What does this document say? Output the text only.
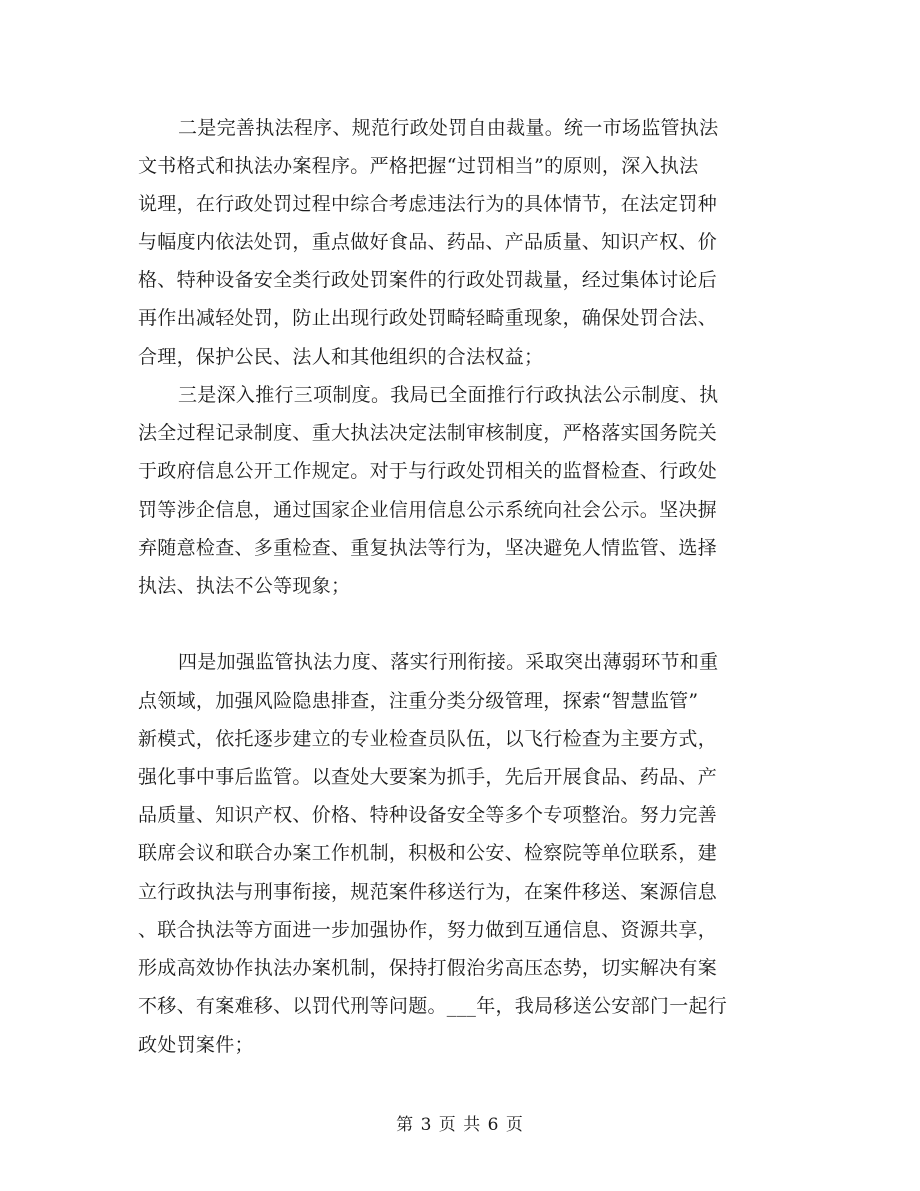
二是完善执法程序、规范行政处罚自由裁量。统一市场监管执法
文书格式和执法办案程序。严格把握“过罚相当”的原则，深入执法
说理，在行政处罚过程中综合考虑违法行为的具体情节，在法定罚种
与幅度内依法处罚，重点做好食品、药品、产品质量、知识产权、价
格、特种设备安全类行政处罚案件的行政处罚裁量，经过集体讨论后
再作出减轻处罚，防止出现行政处罚畸轻畸重现象，确保处罚合法、
合理，保护公民、法人和其他组织的合法权益；
三是深入推行三项制度。我局已全面推行行政执法公示制度、执
法全过程记录制度、重大执法决定法制审核制度，严格落实国务院关
于政府信息公开工作规定。对于与行政处罚相关的监督检查、行政处
罚等涉企信息，通过国家企业信用信息公示系统向社会公示。坚决摒
弃随意检查、多重检查、重复执法等行为，坚决避免人情监管、选择
执法、执法不公等现象；
四是加强监管执法力度、落实行刑衔接。采取突出薄弱环节和重
点领域，加强风险隐患排查，注重分类分级管理，探索“智慧监管”
新模式，依托逐步建立的专业检查员队伍，以飞行检查为主要方式，
强化事中事后监管。以查处大要案为抓手，先后开展食品、药品、产
品质量、知识产权、价格、特种设备安全等多个专项整治。努力完善
联席会议和联合办案工作机制，积极和公安、检察院等单位联系，建
立行政执法与刑事衔接，规范案件移送行为，在案件移送、案源信息
、联合执法等方面进一步加强协作，努力做到互通信息、资源共享，
形成高效协作执法办案机制，保持打假治劣高压态势，切实解决有案
不移、有案难移、以罚代刑等问题。___年，我局移送公安部门一起行
政处罚案件；
第 3 页 共 6 页
